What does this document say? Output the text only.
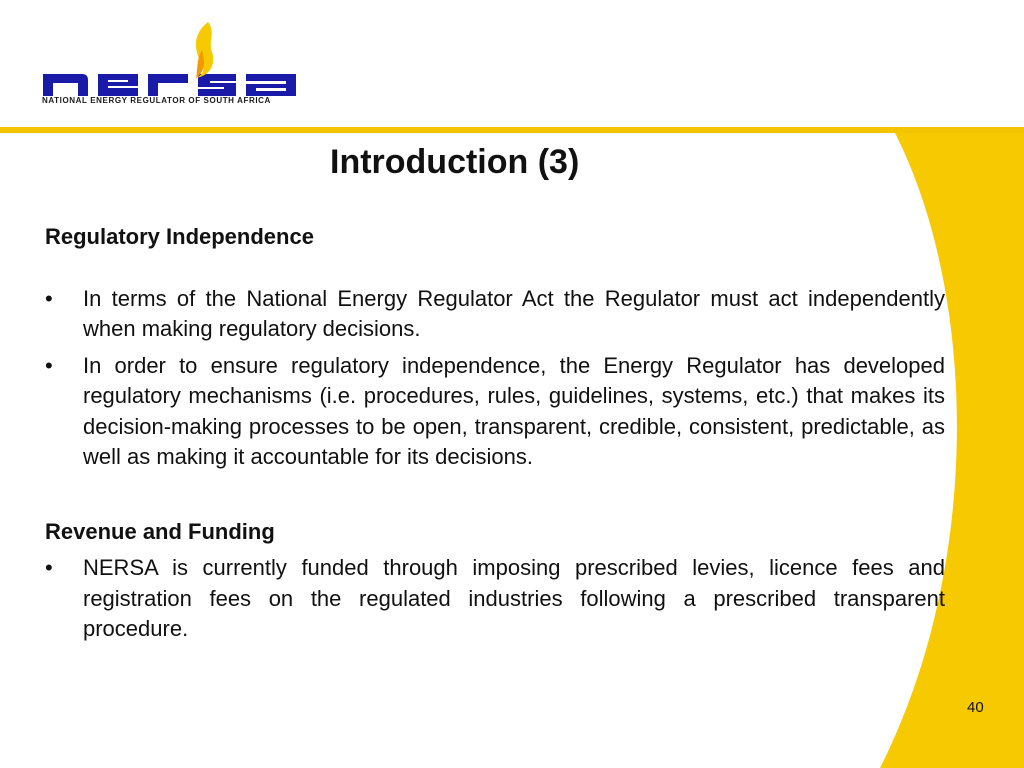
NATIONAL ENERGY REGULATOR OF SOUTH AFRICA
Introduction (3)
Regulatory Independence
•	In terms of the National Energy Regulator Act the Regulator must act independently when making regulatory decisions.
•	In order to ensure regulatory independence, the Energy Regulator has developed regulatory mechanisms (i.e. procedures, rules, guidelines, systems, etc.) that makes its decision-making processes to be open, transparent, credible, consistent, predictable, as well as making it accountable for its decisions.
Revenue and Funding
•	NERSA is currently funded through imposing prescribed levies, licence fees and registration fees on the regulated industries following a prescribed transparent procedure.
40
